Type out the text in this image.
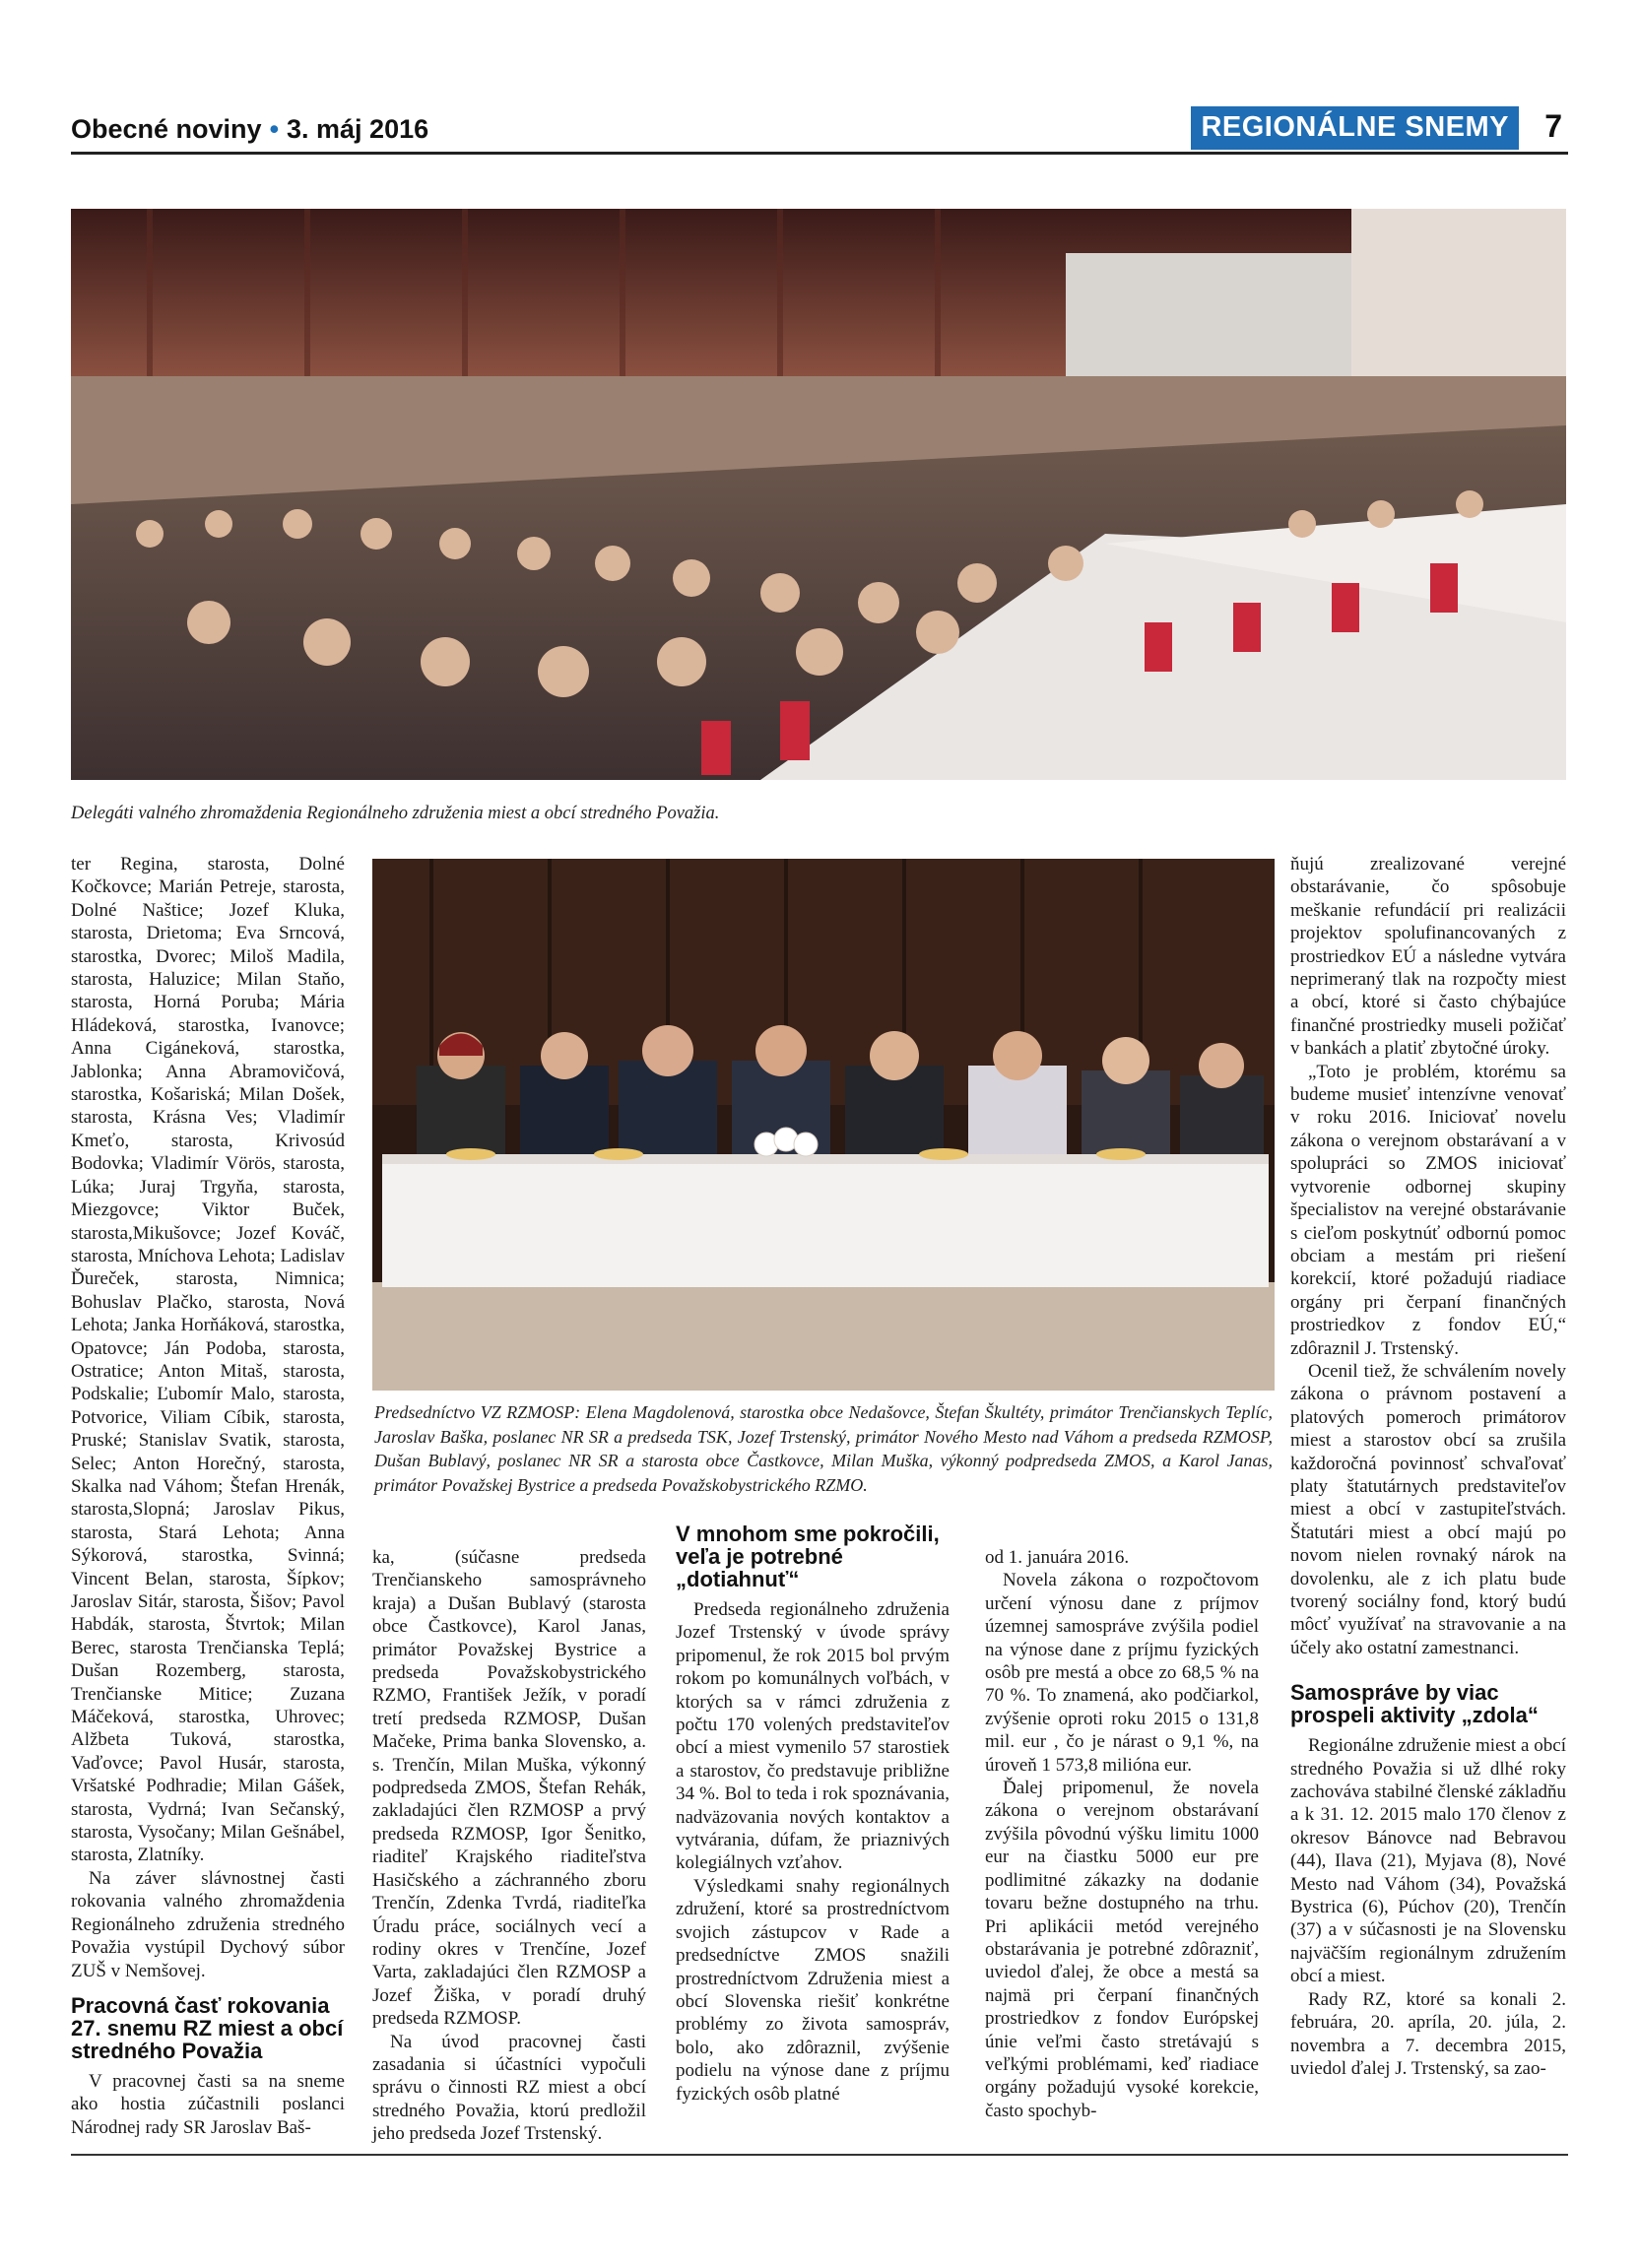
Obecné noviny • 3. máj 2016	REGIONÁLNE SNEMY	7
Delegáti valného zhromaždenia Regionálneho združenia miest a obcí stredného Považia.
Predsedníctvo VZ RZMOSP: Elena Magdolenová, starostka obce Nedašovce, Štefan Škultéty, primátor Trenčianskych Teplíc, Jaroslav Baška, poslanec NR SR a predseda TSK, Jozef Trstenský, primátor Nového Mesto nad Váhom a predseda RZMOSP, Dušan Bublavý, poslanec NR SR a starosta obce Častkovce, Milan Muška, výkonný podpredseda ZMOS, a Karol Janas, primátor Považskej Bystrice a predseda Považskobystrického RZMO.

ter Regina, starosta, Dolné Kočkovce; Marián Petreje, starosta, Dolné Naštice; Jozef Kluka, starosta, Drietoma; Eva Srncová, starostka, Dvorec; Miloš Madila, starosta, Haluzice; Milan Staňo, starosta, Horná Poruba; Mária Hládeková, starostka, Ivanovce; Anna Cigáneková, starostka, Jablonka; Anna Abramovičová, starostka, Košariská; Milan Došek, starosta, Krásna Ves; Vladimír Kmeťo, starosta, Krivosúd Bodovka; Vladimír Vörös, starosta, Lúka; Juraj Trgyňa, starosta, Miezgovce; Viktor Buček, starosta,Mikušovce; Jozef Kováč, starosta, Mníchova Lehota; Ladislav Ďureček, starosta, Nimnica; Bohuslav Plačko, starosta, Nová Lehota; Janka Horňáková, starostka, Opatovce; Ján Podoba, starosta, Ostratice; Anton Mitaš, starosta, Podskalie; Ľubomír Malo, starosta, Potvorice, Viliam Cíbik, starosta, Pruské; Stanislav Svatik, starosta, Selec; Anton Horečný, starosta, Skalka nad Váhom; Štefan Hrenák, starosta,Slopná; Jaroslav Pikus, starosta, Stará Lehota; Anna Sýkorová, starostka, Svinná; Vincent Belan, starosta, Šípkov; Jaroslav Sitár, starosta, Šišov; Pavol Habdák, starosta, Štvrtok; Milan Berec, starosta Trenčianska Teplá; Dušan Rozemberg, starosta, Trenčianske Mitice; Zuzana Máčeková, starostka, Uhrovec; Alžbeta Tuková, starostka, Vaďovce; Pavol Husár, starosta, Vršatské Podhradie; Milan Gášek, starosta, Vydrná; Ivan Sečanský, starosta, Vysočany; Milan Gešnábel, starosta, Zlatníky.

Na záver slávnostnej časti rokovania valného zhromaždenia Regionálneho združenia stredného Považia vystúpil Dychový súbor ZUŠ v Nemšovej.

Pracovná časť rokovania 27. snemu RZ miest a obcí stredného Považia

V pracovnej časti sa na sneme ako hostia zúčastnili poslanci Národnej rady SR Jaroslav Baš-

ka, (súčasne predseda Trenčianskeho samosprávneho kraja) a Dušan Bublavý (starosta obce Častkovce), Karol Janas, primátor Považskej Bystrice a predseda Považskobystrického RZMO, František Ježík, v poradí tretí predseda RZMOSP, Dušan Mačeke, Prima banka Slovensko, a. s. Trenčín, Milan Muška, výkonný podpredseda ZMOS, Štefan Rehák, zakladajúci člen RZMOSP a prvý predseda RZMOSP, Igor Šenitko, riaditeľ Krajského riaditeľstva Hasičského a záchranného zboru Trenčín, Zdenka Tvrdá, riaditeľka Úradu práce, sociálnych vecí a rodiny okres v Trenčíne, Jozef Varta, zakladajúci člen RZMOSP a Jozef Žiška, v poradí druhý predseda RZMOSP.

Na úvod pracovnej časti zasadania si účastníci vypočuli správu o činnosti RZ miest a obcí stredného Považia, ktorú predložil jeho predseda Jozef Trstenský.

V mnohom sme pokročili, veľa je potrebné „dotiahnuť“

Predseda regionálneho združenia Jozef Trstenský v úvode správy pripomenul, že rok 2015 bol prvým rokom po komunálnych voľbách, v ktorých sa v rámci združenia z počtu 170 volených predstaviteľov obcí a miest vymenilo 57 starostiek a starostov, čo predstavuje približne 34 %. Bol to teda i rok spoznávania, nadväzovania nových kontaktov a vytvárania, dúfam, že priaznivých kolegiálnych vzťahov.

Výsledkami snahy regionálnych združení, ktoré sa prostredníctvom svojich zástupcov v Rade a predsedníctve ZMOS snažili prostredníctvom Združenia miest a obcí Slovenska riešiť konkrétne problémy zo života samospráv, bolo, ako zdôraznil, zvýšenie podielu na výnose dane z príjmu fyzických osôb platné

od 1. januára 2016.

Novela zákona o rozpočtovom určení výnosu dane z príjmov územnej samospráve zvýšila podiel na výnose dane z príjmu fyzických osôb pre mestá a obce zo 68,5 % na 70 %. To znamená, ako podčiarkol, zvýšenie oproti roku 2015 o 131,8 mil. eur , čo je nárast o 9,1 %, na úroveň 1 573,8 miliónа eur.

Ďalej pripomenul, že novela zákona o verejnom obstarávaní zvýšila pôvodnú výšku limitu 1000 eur na čiastku 5000 eur pre podlimitné zákazky na dodanie tovaru bežne dostupného na trhu. Pri aplikácii metód verejného obstarávania je potrebné zdôrazniť, uviedol ďalej, že obce a mestá sa najmä pri čerpaní finančných prostriedkov z fondov Európskej únie veľmi často stretávajú s veľkými problémami, keď riadiace orgány požadujú vysoké korekcie, často spochyb-

ňujú zrealizované verejné obstarávanie, čo spôsobuje meškanie refundácií pri realizácii projektov spolufinancovaných z prostriedkov EÚ a následne vytvára neprimeraný tlak na rozpočty miest a obcí, ktoré si často chýbajúce finančné prostriedky museli požičať v bankách a platiť zbytočné úroky.

„Toto je problém, ktorému sa budeme musieť intenzívne venovať v roku 2016. Iniciovať novelu zákona o verejnom obstarávaní a v spolupráci so ZMOS iniciovať vytvorenie odbornej skupiny špecialistov na verejné obstarávanie s cieľom poskytnúť odbornú pomoc obciam a mestám pri riešení korekcií, ktoré požadujú riadiace orgány pri čerpaní finančných prostriedkov z fondov EÚ,“ zdôraznil J. Trstenský.

Ocenil tiež, že schválením novely zákona o právnom postavení a platových pomeroch primátorov miest a starostov obcí sa zrušila každoročná povinnosť schvaľovať platy štatutárnych predstaviteľov miest a obcí v zastupiteľstvách. Štatutári miest a obcí majú po novom nielen rovnaký nárok na dovolenku, ale z ich platu bude tvorený sociálny fond, ktorý budú môcť využívať na stravovanie a na účely ako ostatní zamestnanci.

Samospráve by viac prospeli aktivity „zdola“

Regionálne združenie miest a obcí stredného Považia si už dlhé roky zachováva stabilné členské základňu a k 31. 12. 2015 malo 170 členov z okresov Bánovce nad Bebravou (44), Ilava (21), Myjava (8), Nové Mesto nad Váhom (34), Považská Bystrica (6), Púchov (20), Trenčín (37) a v súčasnosti je na Slovensku najväčším regionálnym združením obcí a miest.

Rady RZ, ktoré sa konali 2. februára, 20. apríla, 20. júla, 2. novembra a 7. decembra 2015, uviedol ďalej J. Trstenský, sa zao-
